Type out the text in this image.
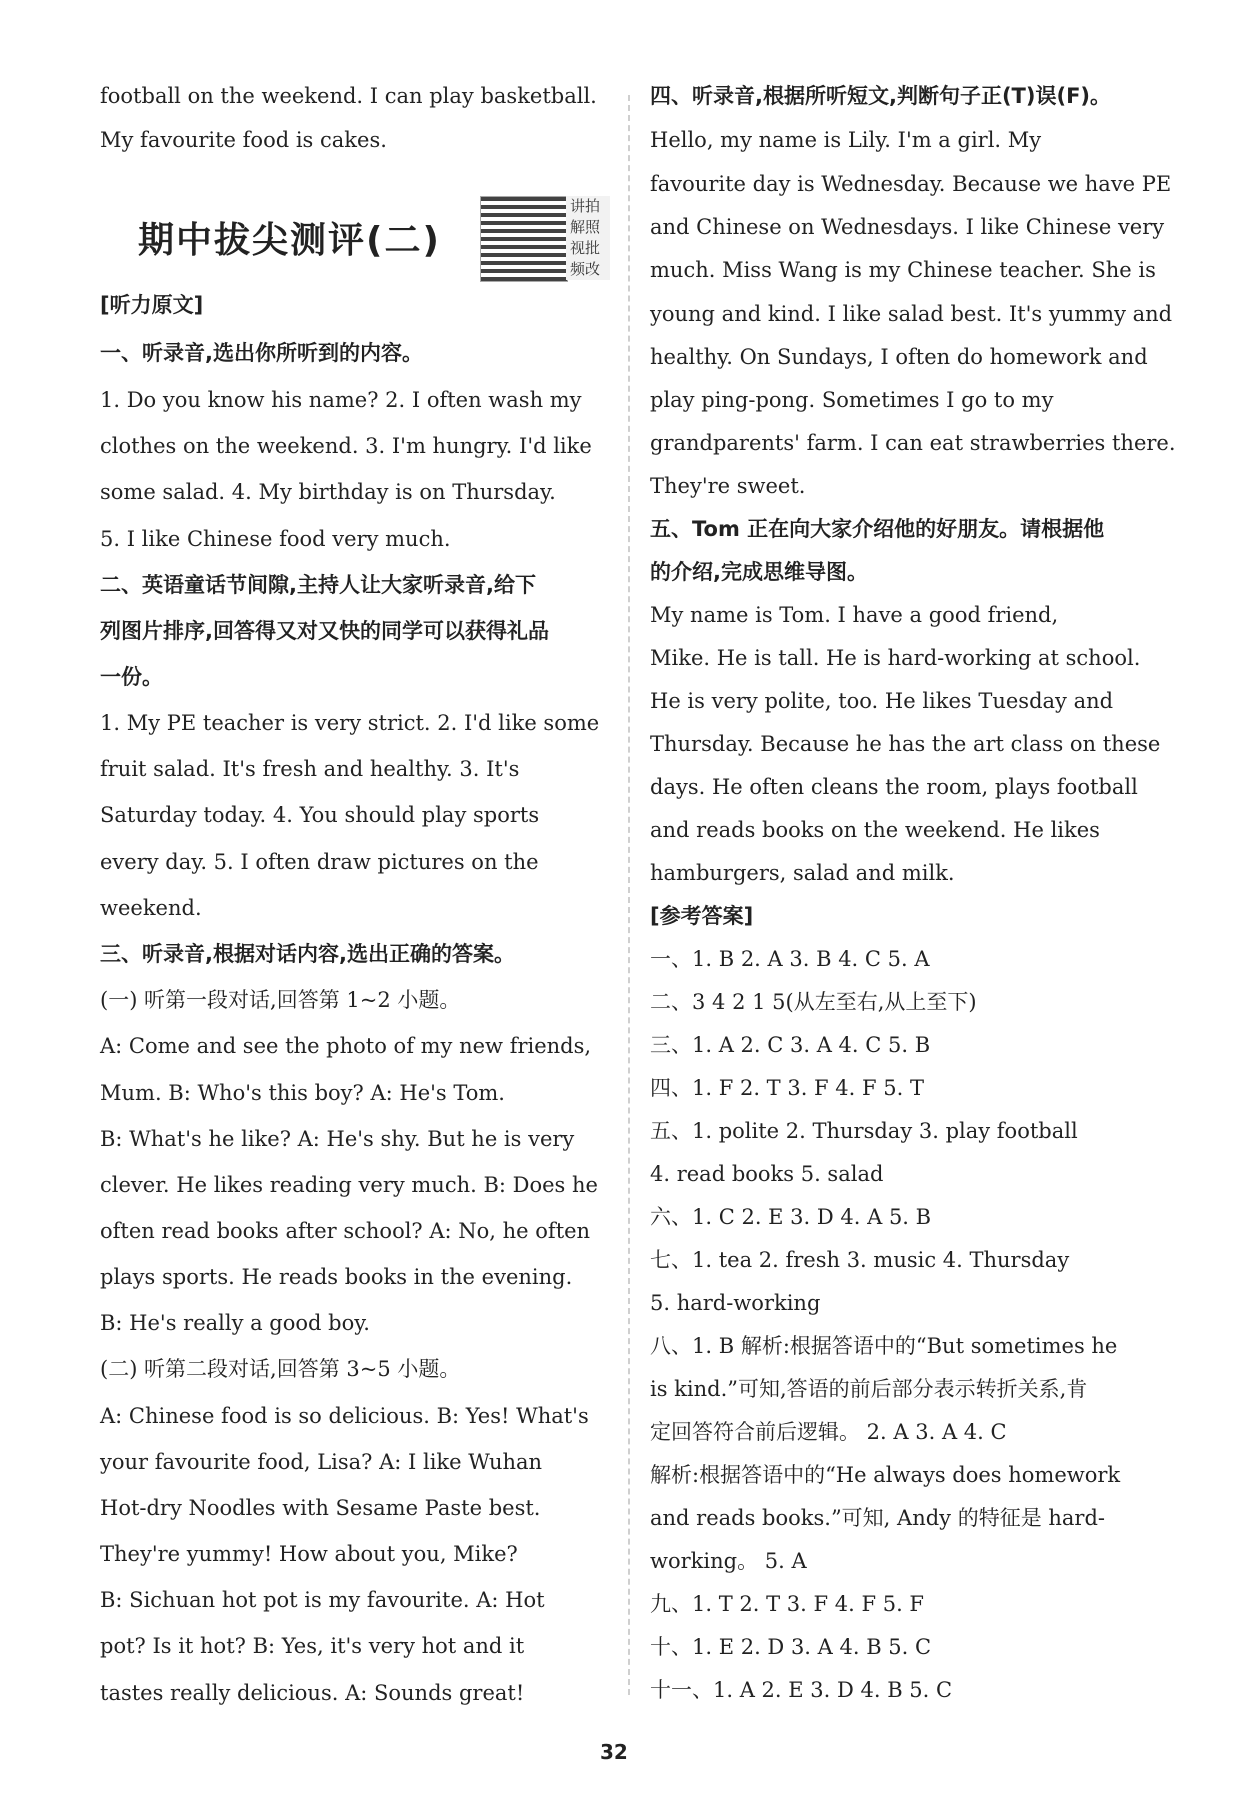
期中拔尖测评(二)
讲拍解照视批频改
32
football on the weekend. I can play basketball.
My favourite food is cakes.
[听力原文]
一、听录音,选出你所听到的内容。
1. Do you know his name? 2. I often wash my
clothes on the weekend. 3. I'm hungry. I'd like
some salad. 4. My birthday is on Thursday.
5. I like Chinese food very much.
二、英语童话节间隙,主持人让大家听录音,给下
列图片排序,回答得又对又快的同学可以获得礼品
一份。
1. My PE teacher is very strict. 2. I'd like some
fruit salad. It's fresh and healthy. 3. It's
Saturday today. 4. You should play sports
every day. 5. I often draw pictures on the
weekend.
三、听录音,根据对话内容,选出正确的答案。
(一) 听第一段对话,回答第 1~2 小题。
A: Come and see the photo of my new friends,
Mum. B: Who's this boy? A: He's Tom.
B: What's he like? A: He's shy. But he is very
clever. He likes reading very much. B: Does he
often read books after school? A: No, he often
plays sports. He reads books in the evening.
B: He's really a good boy.
(二) 听第二段对话,回答第 3~5 小题。
A: Chinese food is so delicious. B: Yes! What's
your favourite food, Lisa? A: I like Wuhan
Hot-dry Noodles with Sesame Paste best.
They're yummy! How about you, Mike?
B: Sichuan hot pot is my favourite. A: Hot
pot? Is it hot? B: Yes, it's very hot and it
tastes really delicious. A: Sounds great!
四、听录音,根据所听短文,判断句子正(T)误(F)。
Hello, my name is Lily. I'm a girl. My
favourite day is Wednesday. Because we have PE
and Chinese on Wednesdays. I like Chinese very
much. Miss Wang is my Chinese teacher. She is
young and kind. I like salad best. It's yummy and
healthy. On Sundays, I often do homework and
play ping-pong. Sometimes I go to my
grandparents' farm. I can eat strawberries there.
They're sweet.
五、Tom 正在向大家介绍他的好朋友。请根据他
的介绍,完成思维导图。
My name is Tom. I have a good friend,
Mike. He is tall. He is hard-working at school.
He is very polite, too. He likes Tuesday and
Thursday. Because he has the art class on these
days. He often cleans the room, plays football
and reads books on the weekend. He likes
hamburgers, salad and milk.
[参考答案]
一、1. B 2. A 3. B 4. C 5. A
二、3 4 2 1 5(从左至右,从上至下)
三、1. A 2. C 3. A 4. C 5. B
四、1. F 2. T 3. F 4. F 5. T
五、1. polite 2. Thursday 3. play football
4. read books 5. salad
六、1. C 2. E 3. D 4. A 5. B
七、1. tea 2. fresh 3. music 4. Thursday
5. hard-working
八、1. B 解析:根据答语中的“But sometimes he
is kind.”可知,答语的前后部分表示转折关系,肯
定回答符合前后逻辑。 2. A 3. A 4. C
解析:根据答语中的“He always does homework
and reads books.”可知, Andy 的特征是 hard-
working。 5. A
九、1. T 2. T 3. F 4. F 5. F
十、1. E 2. D 3. A 4. B 5. C
十一、1. A 2. E 3. D 4. B 5. C
